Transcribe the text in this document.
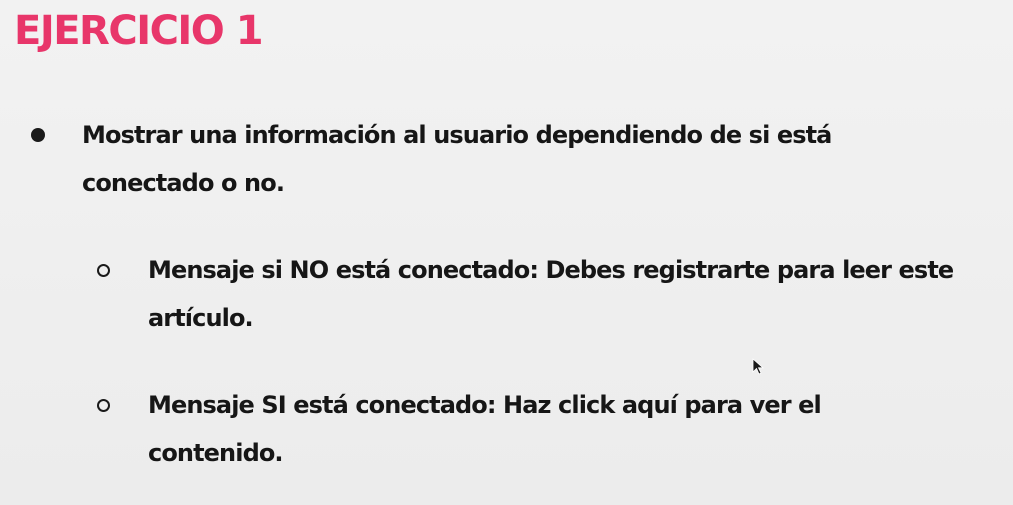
EJERCICIO 1
Mostrar una información al usuario dependiendo de si está conectado o no.
Mensaje si NO está conectado: Debes registrarte para leer este artículo.
Mensaje SI está conectado: Haz click aquí para ver el contenido.
